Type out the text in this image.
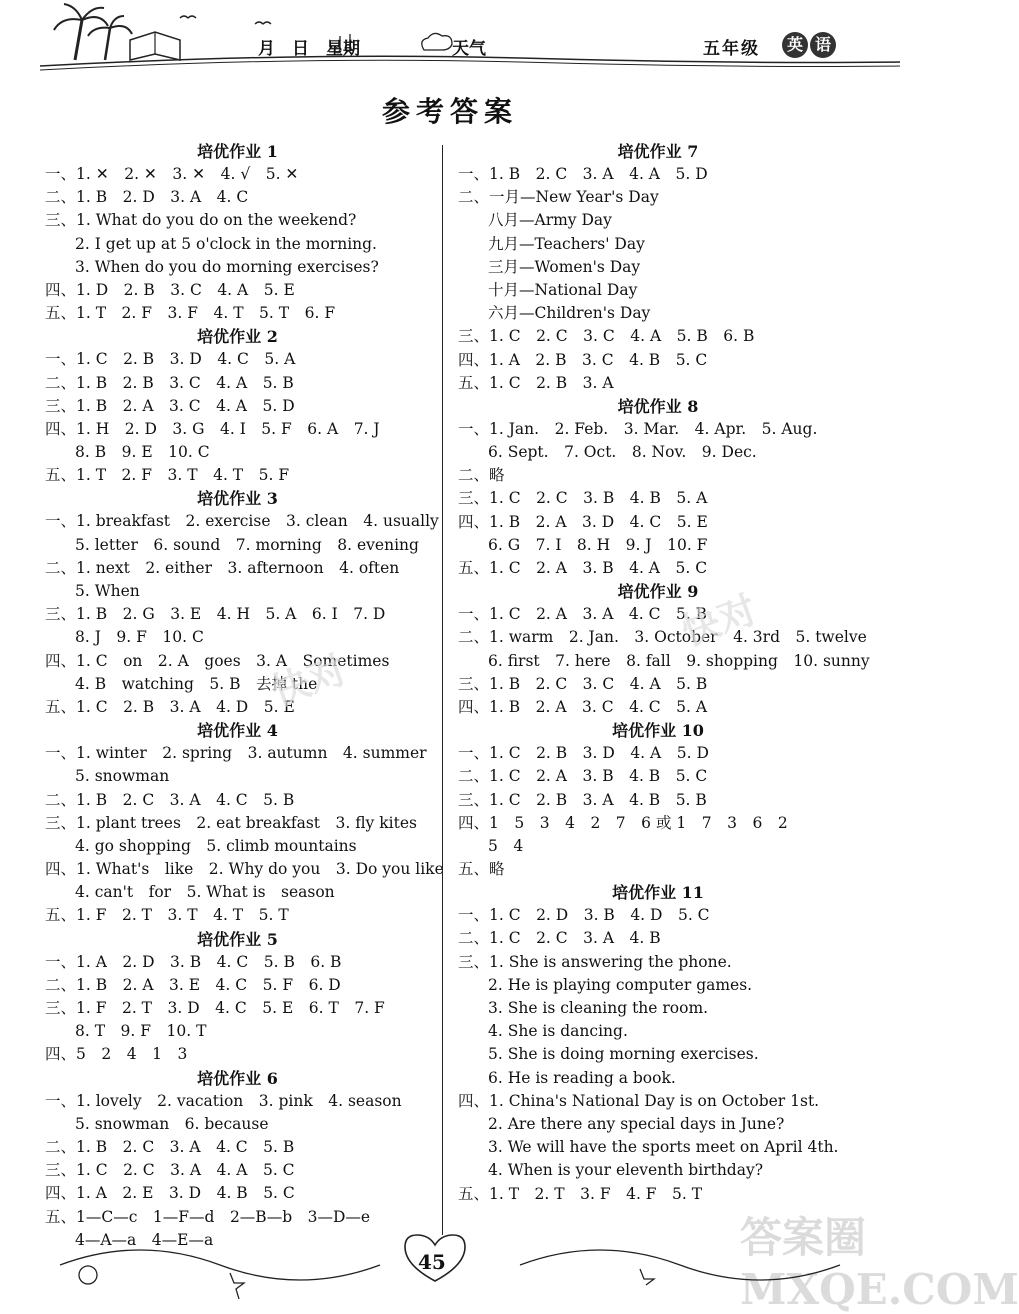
月　日　 星期	天气	五年级	英 语
参考答案
培优作业 1
一、1. ✕　2. ✕　3. ✕　4. √　5. ✕
二、1. B　2. D　3. A　4. C
三、1. What do you do on the weekend?
2. I get up at 5 o'clock in the morning.
3. When do you do morning exercises?
四、1. D　2. B　3. C　4. A　5. E
五、1. T　2. F　3. F　4. T　5. T　6. F
培优作业 2
一、1. C　2. B　3. D　4. C　5. A
二、1. B　2. B　3. C　4. A　5. B
三、1. B　2. A　3. C　4. A　5. D
四、1. H　2. D　3. G　4. I　5. F　6. A　7. J
8. B　9. E　10. C
五、1. T　2. F　3. T　4. T　5. F
培优作业 3
一、1. breakfast　2. exercise　3. clean　4. usually
5. letter　6. sound　7. morning　8. evening
二、1. next　2. either　3. afternoon　4. often
5. When
三、1. B　2. G　3. E　4. H　5. A　6. I　7. D
8. J　9. F　10. C
四、1. C　on　2. A　goes　3. A　Sometimes
4. B　watching　5. B　去掉 the
五、1. C　2. B　3. A　4. D　5. E
培优作业 4
一、1. winter　2. spring　3. autumn　4. summer
5. snowman
二、1. B　2. C　3. A　4. C　5. B
三、1. plant trees　2. eat breakfast　3. fly kites
4. go shopping　5. climb mountains
四、1. What's　like　2. Why do you　3. Do you like
4. can't　for　5. What is　season
五、1. F　2. T　3. T　4. T　5. T
培优作业 5
一、1. A　2. D　3. B　4. C　5. B　6. B
二、1. B　2. A　3. E　4. C　5. F　6. D
三、1. F　2. T　3. D　4. C　5. E　6. T　7. F
8. T　9. F　10. T
四、5　2　4　1　3
培优作业 6
一、1. lovely　2. vacation　3. pink　4. season
5. snowman　6. because
二、1. B　2. C　3. A　4. C　5. B
三、1. C　2. C　3. A　4. A　5. C
四、1. A　2. E　3. D　4. B　5. C
五、1—C—c　1—F—d　2—B—b　3—D—e
4—A—a　4—E—a
培优作业 7
一、1. B　2. C　3. A　4. A　5. D
二、一月—New Year's Day
八月—Army Day
九月—Teachers' Day
三月—Women's Day
十月—National Day
六月—Children's Day
三、1. C　2. C　3. C　4. A　5. B　6. B
四、1. A　2. B　3. C　4. B　5. C
五、1. C　2. B　3. A
培优作业 8
一、1. Jan.　2. Feb.　3. Mar.　4. Apr.　5. Aug.
6. Sept.　7. Oct.　8. Nov.　9. Dec.
二、略
三、1. C　2. C　3. B　4. B　5. A
四、1. B　2. A　3. D　4. C　5. E
6. G　7. I　8. H　9. J　10. F
五、1. C　2. A　3. B　4. A　5. C
培优作业 9
一、1. C　2. A　3. A　4. C　5. B
二、1. warm　2. Jan.　3. October　4. 3rd　5. twelve
6. first　7. here　8. fall　9. shopping　10. sunny
三、1. B　2. C　3. C　4. A　5. B
四、1. B　2. A　3. C　4. C　5. A
培优作业 10
一、1. C　2. B　3. D　4. A　5. D
二、1. C　2. A　3. B　4. B　5. C
三、1. C　2. B　3. A　4. B　5. B
四、1　5　3　4　2　7　6 或 1　7　3　6　2
5　4
五、略
培优作业 11
一、1. C　2. D　3. B　4. D　5. C
二、1. C　2. C　3. A　4. B
三、1. She is answering the phone.
2. He is playing computer games.
3. She is cleaning the room.
4. She is dancing.
5. She is doing morning exercises.
6. He is reading a book.
四、1. China's National Day is on October 1st.
2. Are there any special days in June?
3. We will have the sports meet on April 4th.
4. When is your eleventh birthday?
五、1. T　2. T　3. F　4. F　5. T
快对
快对
答案圈 MXQE.COM
45
